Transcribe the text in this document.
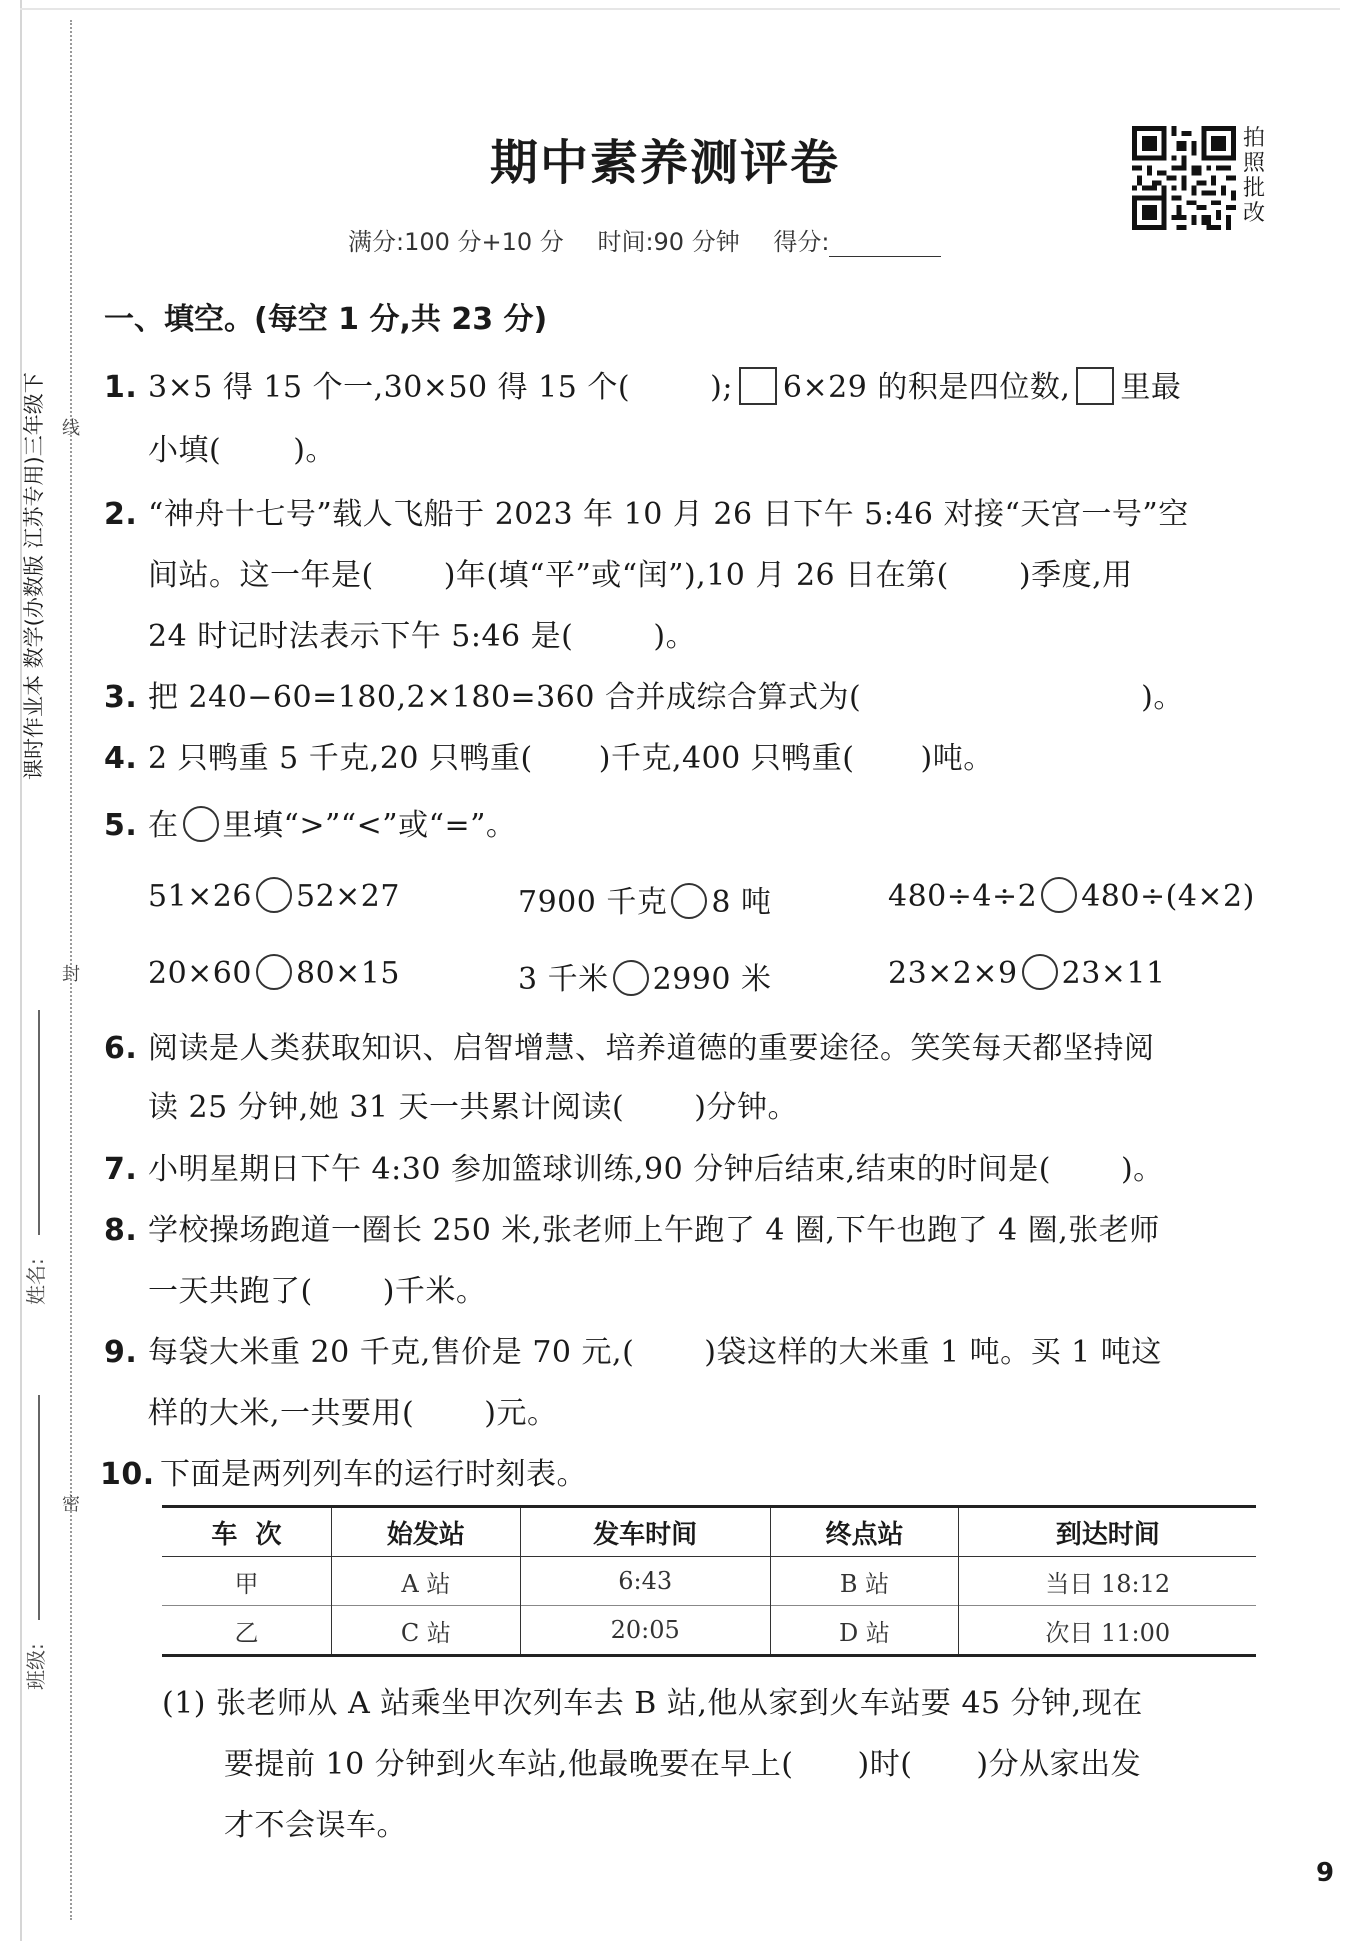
课时作业本 数学(办数版 江苏专用)三年级下 线
封
密
姓名:
班级:
期中素养测评卷	拍照批改
满分:100 分+10 分 时间:90 分钟 得分:
一、填空。(每空 1 分,共 23 分)
1. 3×5 得 15 个一,30×50 得 15 个(	); 6×29 的积是四位数, 里最
小填( )。
2. “神舟十七号”载人飞船于 2023 年 10 月 26 日下午 5:46 对接“天宫一号”空
间站。这一年是( )年(填“平”或“闰”),10 月 26 日在第( )季度,用
24 时记时法表示下午 5:46 是(	)。
3. 把 240−60=180,2×180=360 合并成综合算式为(	)。
4. 2 只鸭重 5 千克,20 只鸭重( )千克,400 只鸭重( )吨。
5. 在 里填“>”“<”或“=”。
51×26 52×27	7900 千克 8 吨	480÷4÷2 480÷(4×2)
20×60 80×15	3 千米 2990 米	23×2×9 23×11
6. 阅读是人类获取知识、启智增慧、培养道德的重要途径。笑笑每天都坚持阅
读 25 分钟,她 31 天一共累计阅读( )分钟。
7. 小明星期日下午 4:30 参加篮球训练,90 分钟后结束,结束的时间是( )。
8. 学校操场跑道一圈长 250 米,张老师上午跑了 4 圈,下午也跑了 4 圈,张老师
一天共跑了( )千米。
9. 每袋大米重 20 千克,售价是 70 元,( )袋这样的大米重 1 吨。买 1 吨这
样的大米,一共要用( )元。
10. 下面是两列列车的运行时刻表。
车  次	始发站	发车时间	终点站	到达时间
甲	A 站	6:43	B 站	当日 18:12
乙	C 站	20:05	D 站	次日 11:00
(1) 张老师从 A 站乘坐甲次列车去 B 站,他从家到火车站要 45 分钟,现在
要提前 10 分钟到火车站,他最晚要在早上( )时( )分从家出发
才不会误车。
9
